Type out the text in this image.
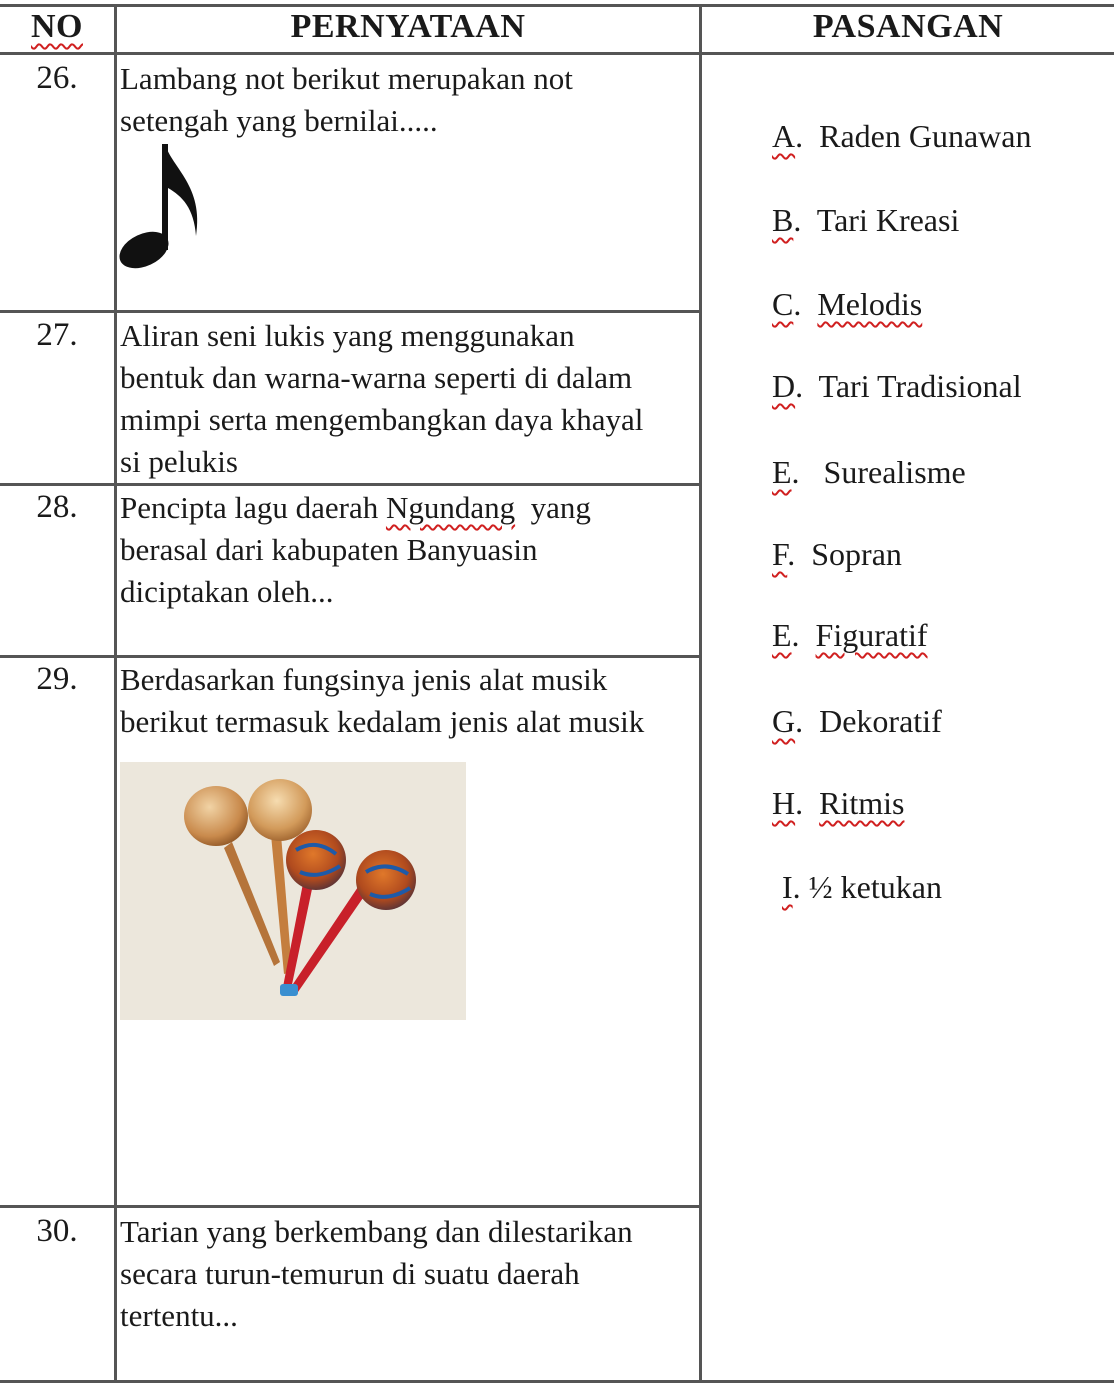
NO	PERNYATAAN	PASANGAN
26.	Lambang not berikut merupakan not
setengah yang bernilai.....
27.	Aliran seni lukis yang menggunakan
bentuk dan warna-warna seperti di dalam
mimpi serta mengembangkan daya khayal
si pelukis
28.	Pencipta lagu daerah Ngundang  yang
berasal dari kabupaten Banyuasin
diciptakan oleh...
29.	Berdasarkan fungsinya jenis alat musik
berikut termasuk kedalam jenis alat musik
30.	Tarian yang berkembang dan dilestarikan
secara turun-temurun di suatu daerah
tertentu...
A.  Raden Gunawan
B.  Tari Kreasi
C.  Melodis
D.  Tari Tradisional
E.   Surealisme
F.  Sopran
E.  Figuratif
G.  Dekoratif
H.  Ritmis
I. ½ ketukan
